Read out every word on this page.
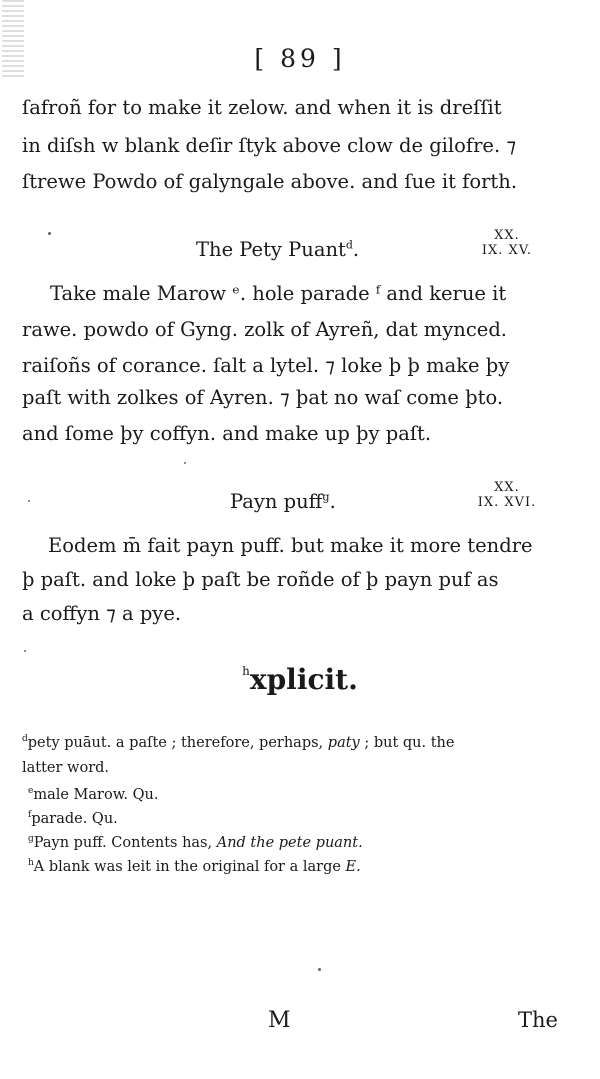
[ 89 ]
ſafroñ for to make it zelow. and when it is dreſſit
in diſsh w blank deſir ſtyk above clow de gilofre. ⁊
ſtrewe Powdo of galyngale above. and ſue it forth.
The Pety Puant$^d$.
XX.
IX. XV.
Take male Marow ᵉ. hole parade ᶠ and kerue it
rawe. powdo of Gyng. zolk of Ayreñ, dat mynced.
raiſoñs of corance. ſalt a lytel. ⁊ loke þ þ make þy
paſt with zolkes of Ayren. ⁊ þat no waſ come þto.
and ſome þy coffyn. and make up þy paſt.
Payn puff$^g$.
XX.
IX. XVI.
Eodem m̄ fait payn puff. but make it more tendre
þ paſt. and loke þ paſt be roñde of þ payn puf as
a coffyn ⁊ a pye.
$^h$xplicit.
$^d$pety puāut. a paſte ; therefore, perhaps, paty ; but qu. the
latter word.
$^e$male Marow. Qu.
$^f$parade. Qu.
$^g$Payn puff. Contents has, And the pete puant.
$^h$A blank was leit in the original for a large E.
M	The
